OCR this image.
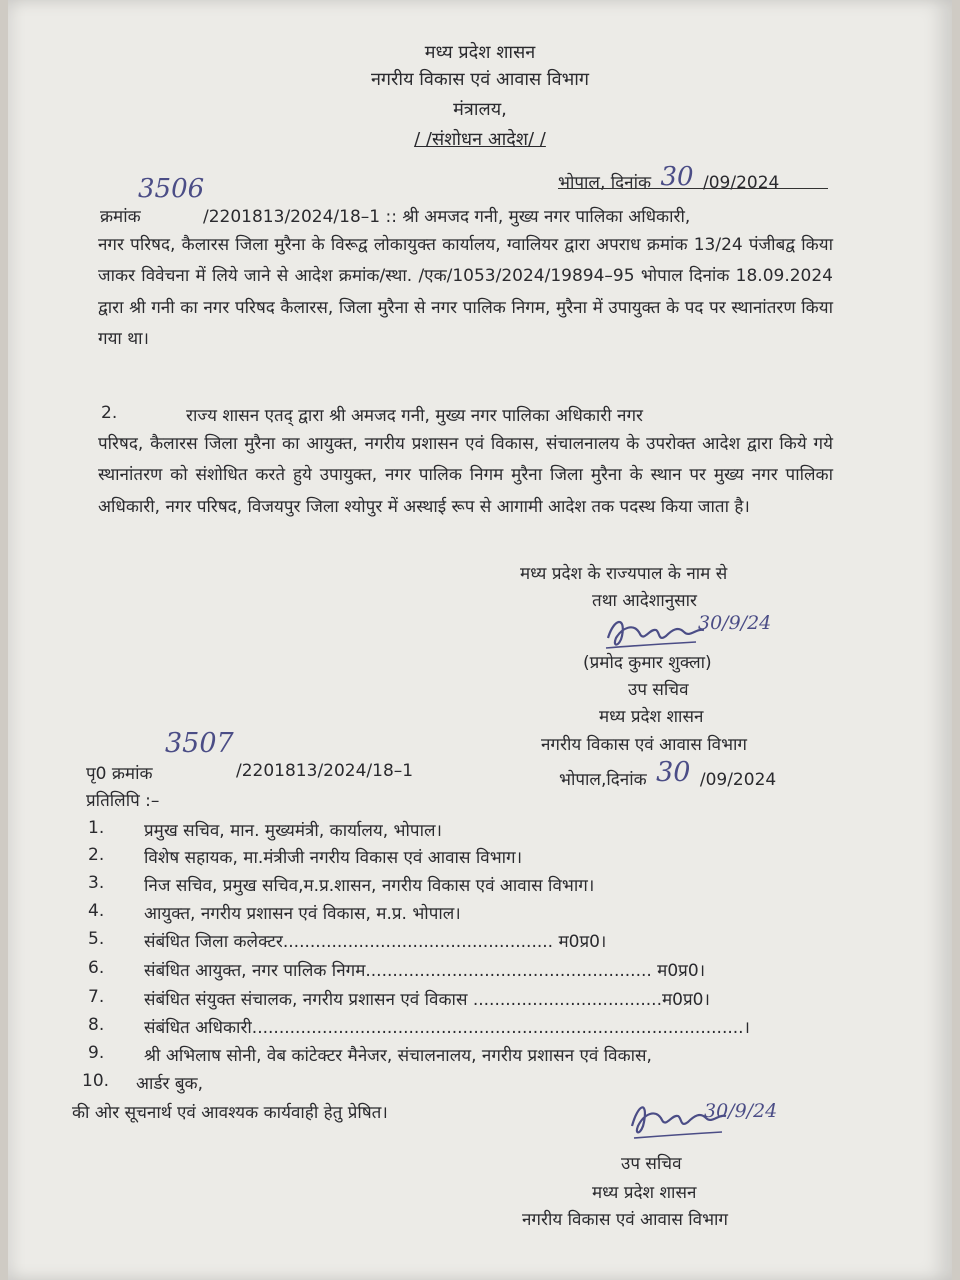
मध्य प्रदेश शासन
नगरीय विकास एवं आवास विभाग
मंत्रालय,
/ /संशोधन आदेश/ /
भोपाल, दिनांक 30 /09/2024
3506
क्रमांक	/2201813/2024/18–1 :: श्री अमजद गनी, मुख्य नगर पालिका अधिकारी,

नगर परिषद, कैलारस जिला मुरैना के विरूद्व लोकायुक्त कार्यालय, ग्वालियर द्वारा अपराध क्रमांक 13/24 पंजीबद्व किया जाकर विवेचना में लिये जाने से आदेश क्रमांक/स्था. /एक/1053/2024/19894–95 भोपाल दिनांक 18.09.2024 द्वारा श्री गनी का नगर परिषद कैलारस, जिला मुरैना से नगर पालिक निगम, मुरैना में उपायुक्त के पद पर स्थानांतरण किया गया था।

2.	राज्य शासन एतद् द्वारा श्री अमजद गनी, मुख्य नगर पालिका अधिकारी नगर

परिषद, कैलारस जिला मुरैना का आयुक्त, नगरीय प्रशासन एवं विकास, संचालनालय के उपरोक्त आदेश द्वारा किये गये स्थानांतरण को संशोधित करते हुये उपायुक्त, नगर पालिक निगम मुरैना जिला मुरैना के स्थान पर मुख्य नगर पालिका अधिकारी, नगर परिषद, विजयपुर जिला श्योपुर में अस्थाई रूप से आगामी आदेश तक पदस्थ किया जाता है।

मध्य प्रदेश के राज्यपाल के नाम से
तथा आदेशानुसार
30/9/24
(प्रमोद कुमार शुक्ला)
उप सचिव
मध्य प्रदेश शासन
नगरीय विकास एवं आवास विभाग
3507
पृ0 क्रमांक	/2201813/2024/18–1	भोपाल,दिनांक 30 /09/2024
प्रतिलिपि :–
1. प्रमुख सचिव, मान. मुख्यमंत्री, कार्यालय, भोपाल।
2. विशेष सहायक, मा.मंत्रीजी नगरीय विकास एवं आवास विभाग।
3. निज सचिव, प्रमुख सचिव,म.प्र.शासन, नगरीय विकास एवं आवास विभाग।
4. आयुक्त, नगरीय प्रशासन एवं विकास, म.प्र. भोपाल।
5. संबंधित जिला कलेक्टर.................................................. म0प्र0।
6. संबंधित आयुक्त, नगर पालिक निगम..................................................... म0प्र0।
7. संबंधित संयुक्त संचालक, नगरीय प्रशासन एवं विकास ...................................म0प्र0।
8. संबंधित अधिकारी...........................................................................................।
9. श्री अभिलाष सोनी, वेब कांटेक्टर मैनेजर, संचालनालय, नगरीय प्रशासन एवं विकास,
10. आर्डर बुक,
की ओर सूचनार्थ एवं आवश्यक कार्यवाही हेतु प्रेषित।	30/9/24
उप सचिव
मध्य प्रदेश शासन
नगरीय विकास एवं आवास विभाग
